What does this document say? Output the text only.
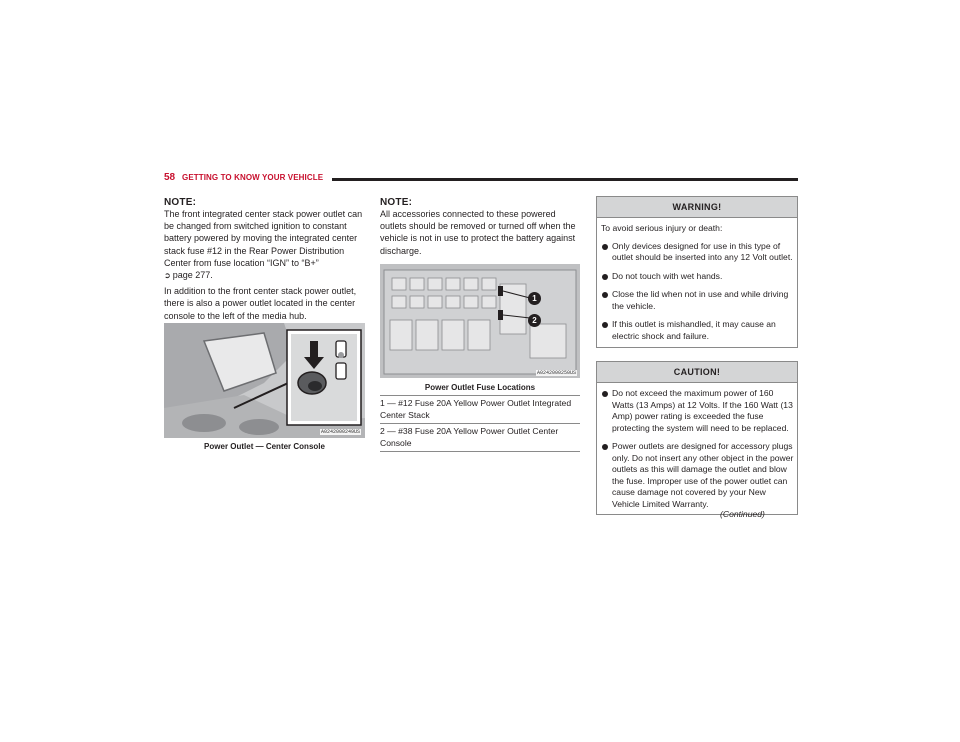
58 GETTING TO KNOW YOUR VEHICLE
NOTE:

The front integrated center stack power outlet can be changed from switched ignition to constant battery powered by moving the integrated center stack fuse #12 in the Rear Power Distribution Center from fuse location “IGN” to “B+”

➲ page 277.

In addition to the front center stack power outlet, there is also a power outlet located in the center console to the left of the media hub.

A0242000249US
Power Outlet — Center Console
NOTE:

All accessories connected to these powered outlets should be removed or turned off when the vehicle is not in use to protect the battery against discharge.

1
2
A0242000250US
Power Outlet Fuse Locations
1 — #12 Fuse 20A Yellow Power Outlet Integrated Center Stack
2 — #38 Fuse 20A Yellow Power Outlet Center Console
WARNING!

To avoid serious injury or death:

Only devices designed for use in this type of outlet should be inserted into any 12 Volt outlet.
Do not touch with wet hands.
Close the lid when not in use and while driving the vehicle.
If this outlet is mishandled, it may cause an electric shock and failure.
CAUTION!
Do not exceed the maximum power of 160 Watts (13 Amps) at 12 Volts. If the 160 Watt (13 Amp) power rating is exceeded the fuse protecting the system will need to be replaced.
Power outlets are designed for accessory plugs only. Do not insert any other object in the power outlets as this will damage the outlet and blow the fuse. Improper use of the power outlet can cause damage not covered by your New Vehicle Limited Warranty.
(Continued)
